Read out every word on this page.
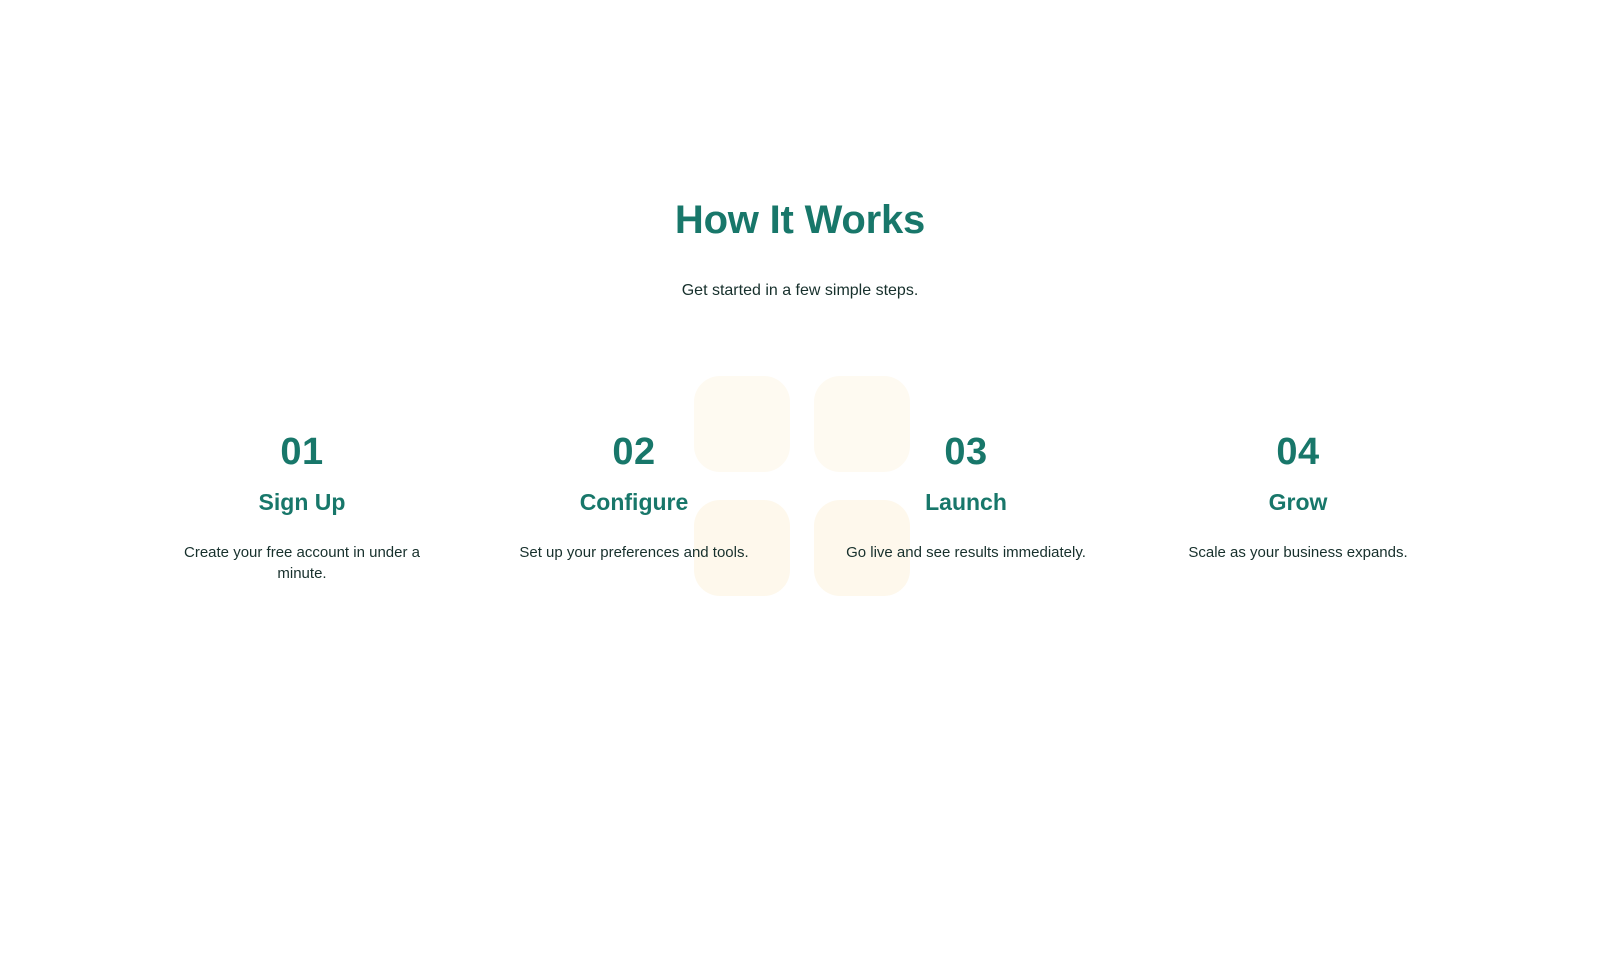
How It Works

Get started in a few simple steps.

01
Sign Up
Create your free account in under a minute.
02
Configure
Set up your preferences and tools.
03
Launch
Go live and see results immediately.
04
Grow
Scale as your business expands.
